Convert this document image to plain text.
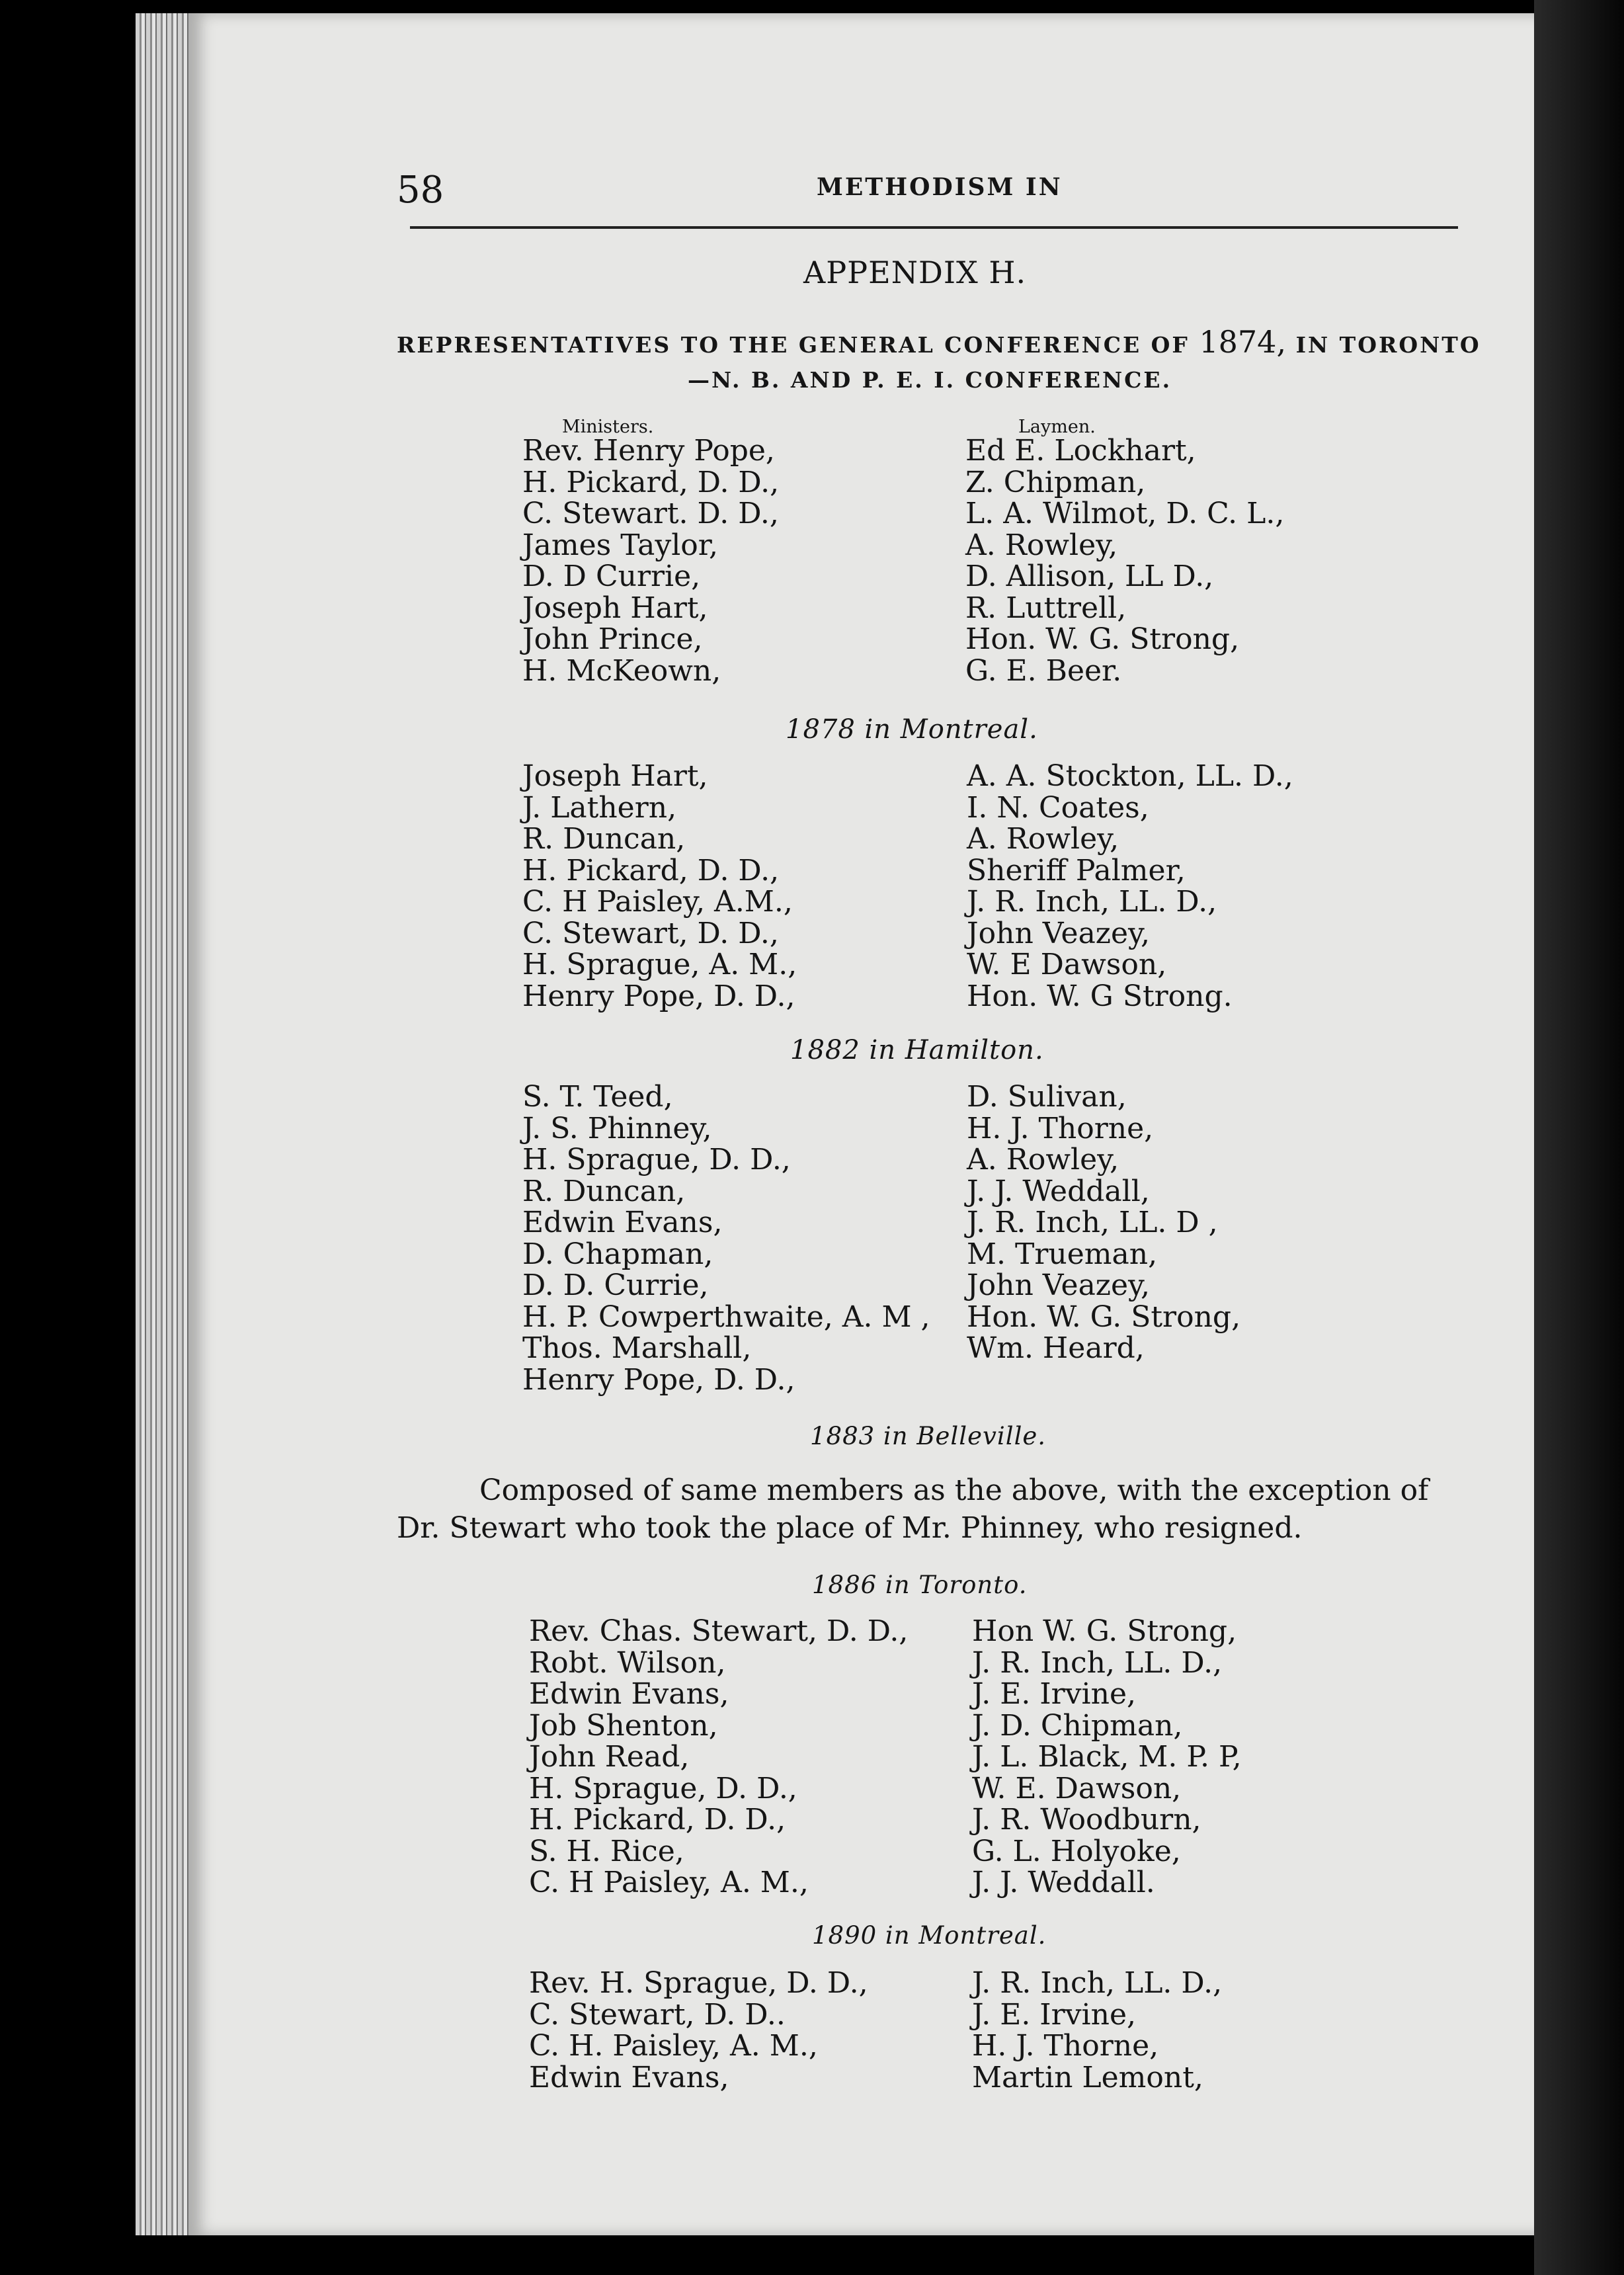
58	METHODISM IN
APPENDIX H.
REPRESENTATIVES TO THE GENERAL CONFERENCE OF 1874, IN TORONTO
—N. B. AND P. E. I. CONFERENCE.
Ministers.	Laymen.
Rev. Henry Pope,
H. Pickard, D. D.,
C. Stewart. D. D.,
James Taylor,
D. D Currie,
Joseph Hart,
John Prince,
H. McKeown,
Ed E. Lockhart,
Z. Chipman,
L. A. Wilmot, D. C. L.,
A. Rowley,
D. Allison, LL D.,
R. Luttrell,
Hon. W. G. Strong,
G. E. Beer.
1878 in Montreal.
Joseph Hart,
J. Lathern,
R. Duncan,
H. Pickard, D. D.,
C. H Paisley, A.M.,
C. Stewart, D. D.,
H. Sprague, A. M.,
Henry Pope, D. D.,
A. A. Stockton, LL. D.,
I. N. Coates,
A. Rowley,
Sheriff Palmer,
J. R. Inch, LL. D.,
John Veazey,
W. E Dawson,
Hon. W. G Strong.
1882 in Hamilton.
S. T. Teed,
J. S. Phinney,
H. Sprague, D. D.,
R. Duncan,
Edwin Evans,
D. Chapman,
D. D. Currie,
H. P. Cowperthwaite, A. M ,
Thos. Marshall,
Henry Pope, D. D.,
D. Sulivan,
H. J. Thorne,
A. Rowley,
J. J. Weddall,
J. R. Inch, LL. D ,
M. Trueman,
John Veazey,
Hon. W. G. Strong,
Wm. Heard,
1883 in Belleville.
Composed of same members as the above, with the exception of
Dr. Stewart who took the place of Mr. Phinney, who resigned.
1886 in Toronto.
Rev. Chas. Stewart, D. D.,
Robt. Wilson,
Edwin Evans,
Job Shenton,
John Read,
H. Sprague, D. D.,
H. Pickard, D. D.,
S. H. Rice,
C. H Paisley, A. M.,
Hon W. G. Strong,
J. R. Inch, LL. D.,
J. E. Irvine,
J. D. Chipman,
J. L. Black, M. P. P,
W. E. Dawson,
J. R. Woodburn,
G. L. Holyoke,
J. J. Weddall.
1890 in Montreal.
Rev. H. Sprague, D. D.,
C. Stewart, D. D..
C. H. Paisley, A. M.,
Edwin Evans,
J. R. Inch, LL. D.,
J. E. Irvine,
H. J. Thorne,
Martin Lemont,
